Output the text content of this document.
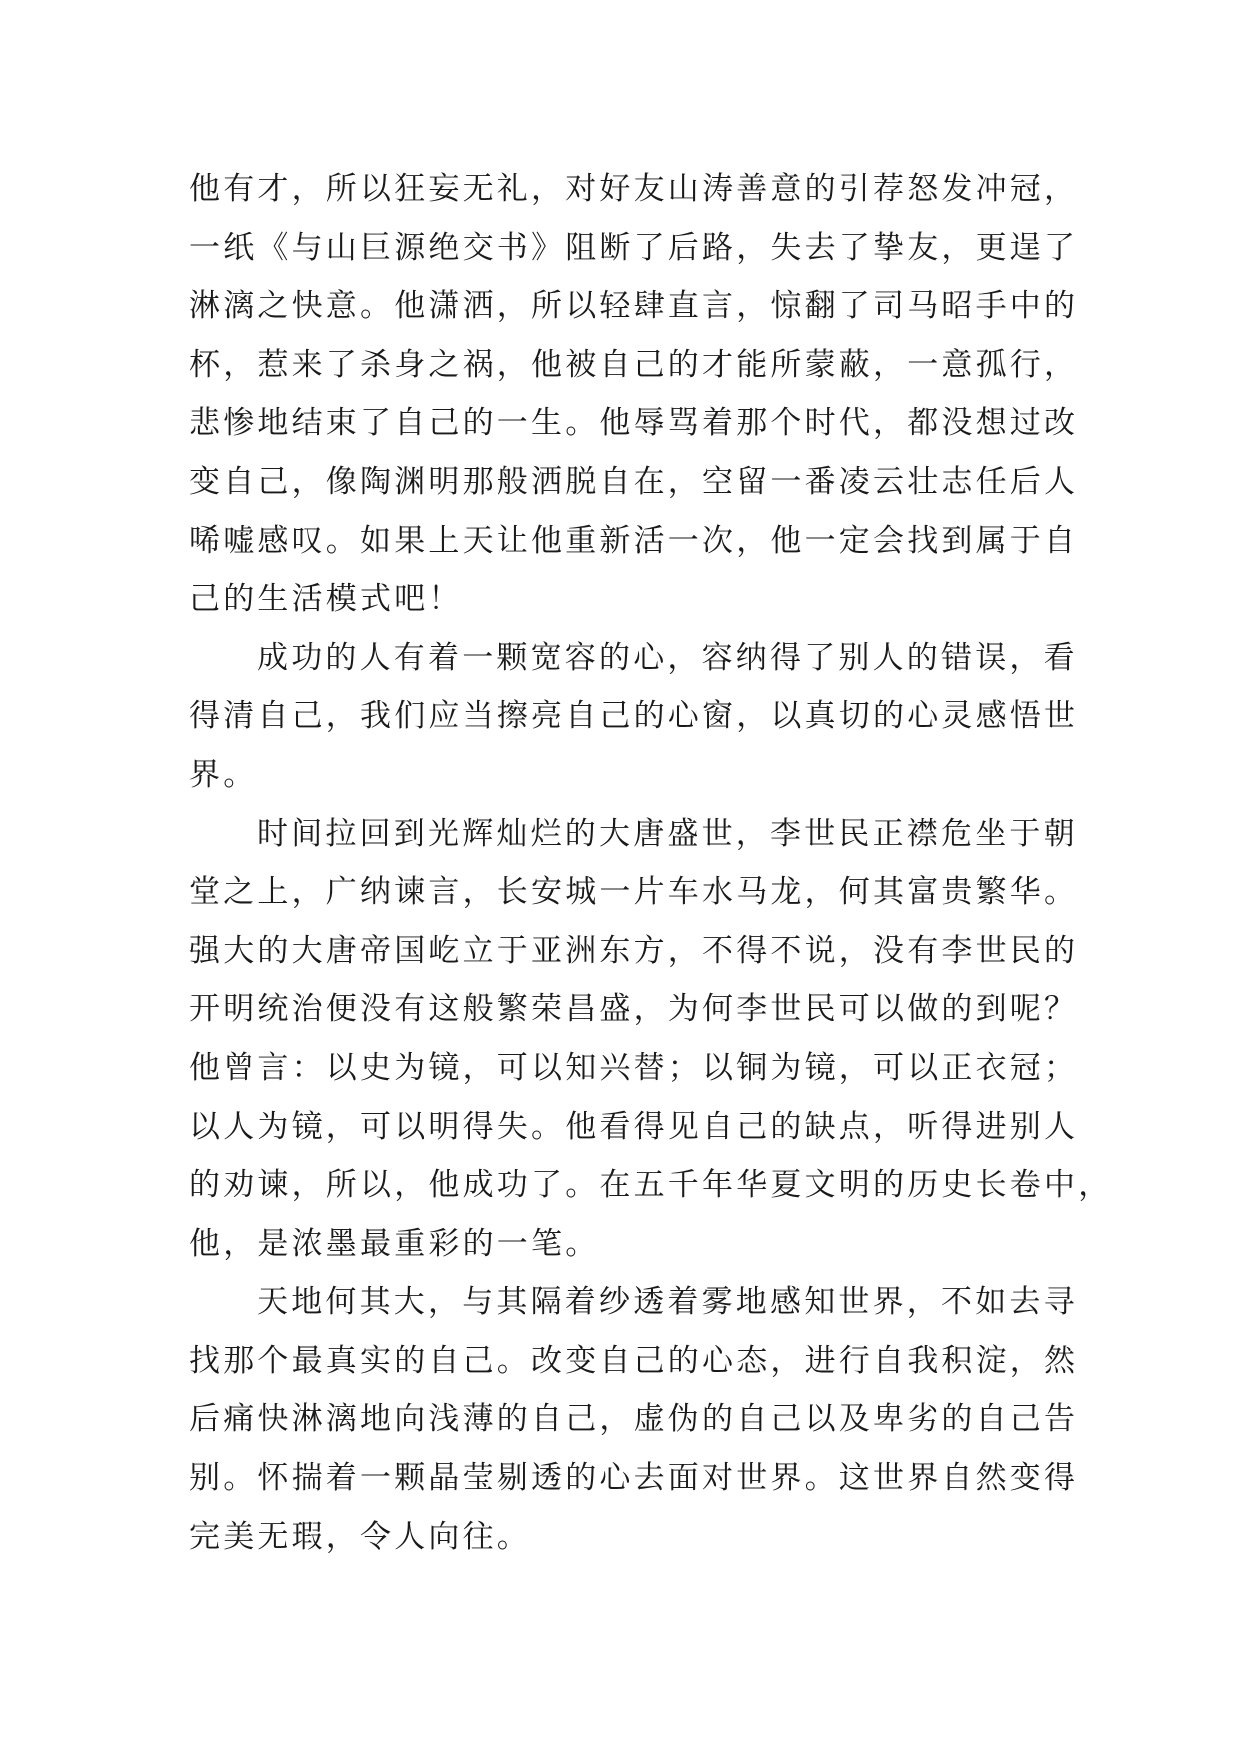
他有才，所以狂妄无礼，对好友山涛善意的引荐怒发冲冠，
一纸《与山巨源绝交书》阻断了后路，失去了挚友，更逞了
淋漓之快意。他潇洒，所以轻肆直言，惊翻了司马昭手中的
杯，惹来了杀身之祸，他被自己的才能所蒙蔽，一意孤行，
悲惨地结束了自己的一生。他辱骂着那个时代，都没想过改
变自己，像陶渊明那般洒脱自在，空留一番凌云壮志任后人
唏嘘感叹。如果上天让他重新活一次，他一定会找到属于自
己的生活模式吧！
成功的人有着一颗宽容的心，容纳得了别人的错误，看
得清自己，我们应当擦亮自己的心窗，以真切的心灵感悟世
界。
时间拉回到光辉灿烂的大唐盛世，李世民正襟危坐于朝
堂之上，广纳谏言，长安城一片车水马龙，何其富贵繁华。
强大的大唐帝国屹立于亚洲东方，不得不说，没有李世民的
开明统治便没有这般繁荣昌盛，为何李世民可以做的到呢？
他曾言：以史为镜，可以知兴替；以铜为镜，可以正衣冠；
以人为镜，可以明得失。他看得见自己的缺点，听得进别人
的劝谏，所以，他成功了。在五千年华夏文明的历史长卷中，
他，是浓墨最重彩的一笔。
天地何其大，与其隔着纱透着雾地感知世界，不如去寻
找那个最真实的自己。改变自己的心态，进行自我积淀，然
后痛快淋漓地向浅薄的自己，虚伪的自己以及卑劣的自己告
别。怀揣着一颗晶莹剔透的心去面对世界。这世界自然变得
完美无瑕，令人向往。
